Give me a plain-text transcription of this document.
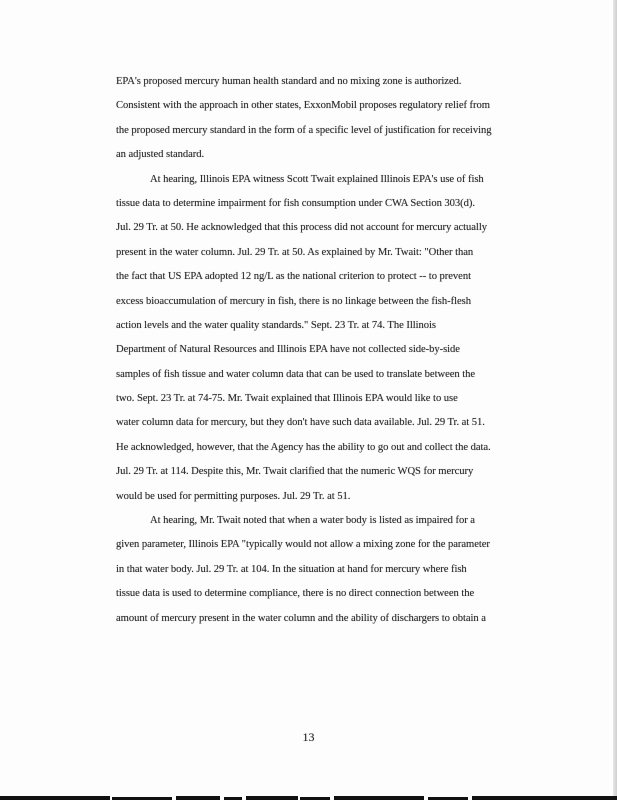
EPA's proposed mercury human health standard and no mixing zone is authorized.
Consistent with the approach in other states, ExxonMobil proposes regulatory relief from
the proposed mercury standard in the form of a specific level of justification for receiving
an adjusted standard.
At hearing, Illinois EPA witness Scott Twait explained Illinois EPA's use of fish
tissue data to determine impairment for fish consumption under CWA Section 303(d).
Jul. 29 Tr. at 50. He acknowledged that this process did not account for mercury actually
present in the water column. Jul. 29 Tr. at 50. As explained by Mr. Twait: "Other than
the fact that US EPA adopted 12 ng/L as the national criterion to protect -- to prevent
excess bioaccumulation of mercury in fish, there is no linkage between the fish-flesh
action levels and the water quality standards." Sept. 23 Tr. at 74. The Illinois
Department of Natural Resources and Illinois EPA have not collected side-by-side
samples of fish tissue and water column data that can be used to translate between the
two. Sept. 23 Tr. at 74-75. Mr. Twait explained that Illinois EPA would like to use
water column data for mercury, but they don't have such data available. Jul. 29 Tr. at 51.
He acknowledged, however, that the Agency has the ability to go out and collect the data.
Jul. 29 Tr. at 114. Despite this, Mr. Twait clarified that the numeric WQS for mercury
would be used for permitting purposes. Jul. 29 Tr. at 51.
At hearing, Mr. Twait noted that when a water body is listed as impaired for a
given parameter, Illinois EPA "typically would not allow a mixing zone for the parameter
in that water body. Jul. 29 Tr. at 104. In the situation at hand for mercury where fish
tissue data is used to determine compliance, there is no direct connection between the
amount of mercury present in the water column and the ability of dischargers to obtain a
13
